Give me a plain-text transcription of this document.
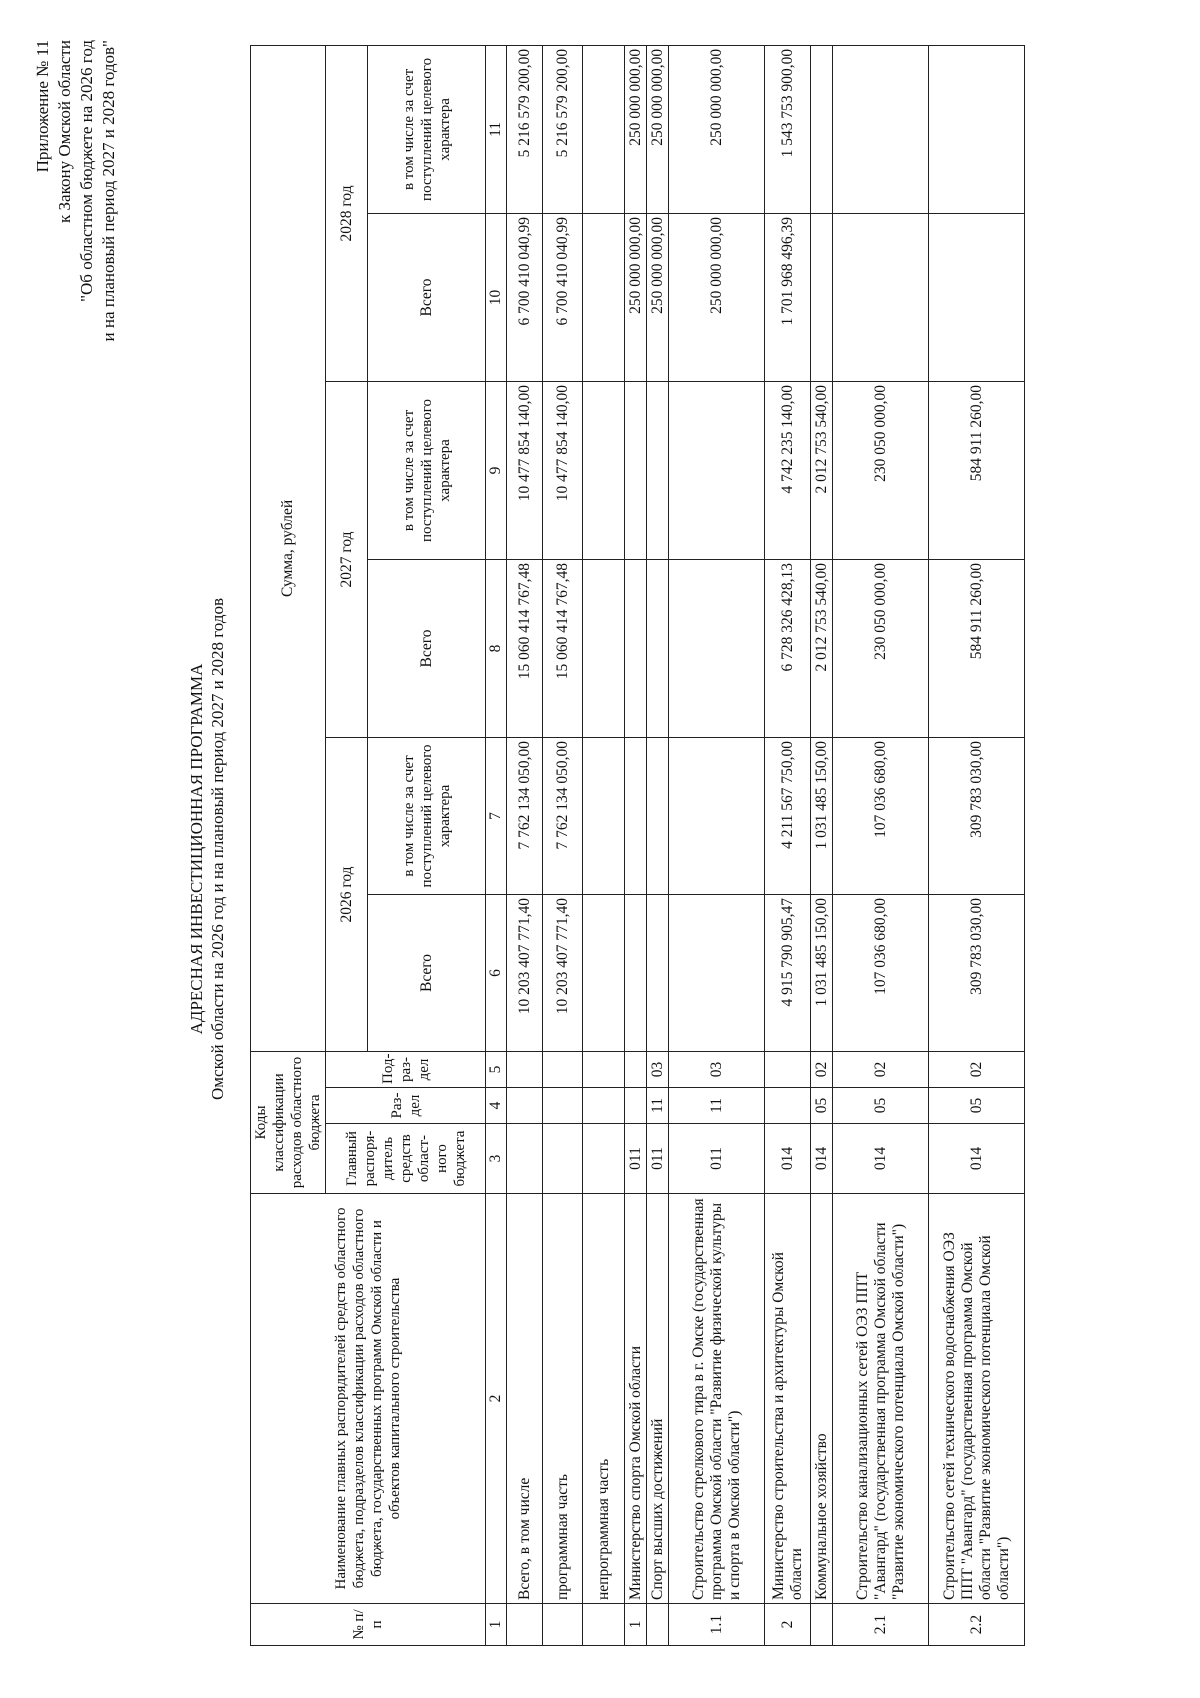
Приложение № 11 к Закону Омской области "Об областном бюджете на 2026 год и на плановый период 2027 и 2028 годов"
АДРЕСНАЯ ИНВЕСТИЦИОННАЯ ПРОГРАММА Омской области на 2026 год и на плановый период 2027 и 2028 годов
№ п/п	Наименование главных распорядителей средств областного бюджета, подразделов классификации расходов областного бюджета, государственных программ Омской области и объектов капитального строительства	Коды классификации расходов областного бюджета			Сумма, рублей					
		Главный распоря-дитель средств област-ного бюджета	Раз-дел	Под-раз-дел	2026 год		2027 год		2028 год	
					Всего	в том числе за счет поступлений целевого характера	Всего	в том числе за счет поступлений целевого характера	Всего	в том числе за счет поступлений целевого характера
1	2	3	4	5	6	7	8	9	10	11
	Всего, в том числе				10 203 407 771,40	7 762 134 050,00	15 060 414 767,48	10 477 854 140,00	6 700 410 040,99	5 216 579 200,00
	программная часть				10 203 407 771,40	7 762 134 050,00	15 060 414 767,48	10 477 854 140,00	6 700 410 040,99	5 216 579 200,00
	непрограммная часть									
1	Министерство спорта Омской области	011							250 000 000,00	250 000 000,00
	Спорт высших достижений	011	11	03					250 000 000,00	250 000 000,00
1.1	Строительство стрелкового тира в г. Омске (государственная программа Омской области "Развитие физической культуры и спорта в Омской области")	011	11	03					250 000 000,00	250 000 000,00
2	Министерство строительства и архитектуры Омской области	014			4 915 790 905,47	4 211 567 750,00	6 728 326 428,13	4 742 235 140,00	1 701 968 496,39	1 543 753 900,00
	Коммунальное хозяйство	014	05	02	1 031 485 150,00	1 031 485 150,00	2 012 753 540,00	2 012 753 540,00		
2.1	Строительство канализационных сетей ОЭЗ ППТ "Авангард" (государственная программа Омской области "Развитие экономического потенциала Омской области")	014	05	02	107 036 680,00	107 036 680,00	230 050 000,00	230 050 000,00		
2.2	Строительство сетей технического водоснабжения ОЭЗ ППТ "Авангард" (государственная программа Омской области "Развитие экономического потенциала Омской области")	014	05	02	309 783 030,00	309 783 030,00	584 911 260,00	584 911 260,00		
